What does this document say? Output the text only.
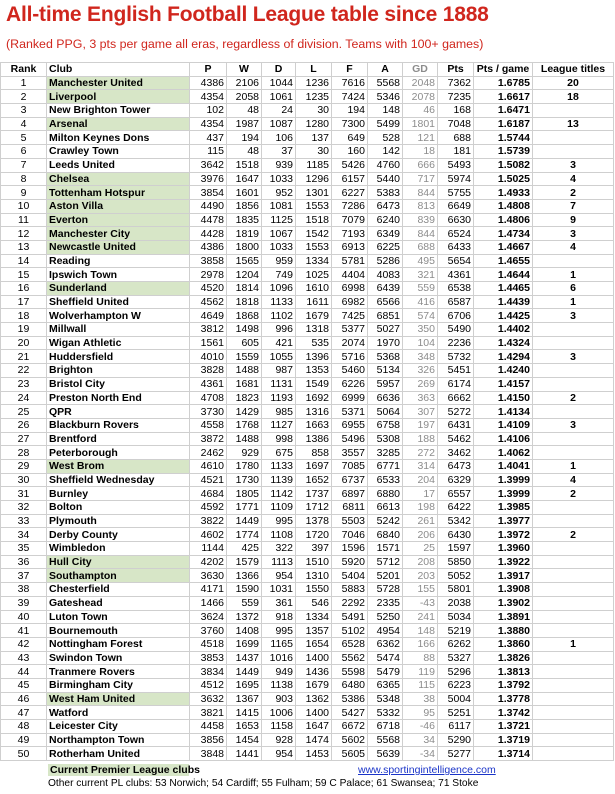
All-time English Football League table since 1888
(Ranked PPG, 3 pts per game all eras, regardless of division. Teams with 100+ games)
Rank	Club	P	W	D	L	F	A	GD	Pts	Pts / game	League titles
1	Manchester United	4386	2106	1044	1236	7616	5568	2048	7362	1.6785	20
2	Liverpool	4354	2058	1061	1235	7424	5346	2078	7235	1.6617	18
3	New Brighton Tower	102	48	24	30	194	148	46	168	1.6471	
4	Arsenal	4354	1987	1087	1280	7300	5499	1801	7048	1.6187	13
5	Milton Keynes Dons	437	194	106	137	649	528	121	688	1.5744	
6	Crawley Town	115	48	37	30	160	142	18	181	1.5739	
7	Leeds United	3642	1518	939	1185	5426	4760	666	5493	1.5082	3
8	Chelsea	3976	1647	1033	1296	6157	5440	717	5974	1.5025	4
9	Tottenham Hotspur	3854	1601	952	1301	6227	5383	844	5755	1.4933	2
10	Aston Villa	4490	1856	1081	1553	7286	6473	813	6649	1.4808	7
11	Everton	4478	1835	1125	1518	7079	6240	839	6630	1.4806	9
12	Manchester City	4428	1819	1067	1542	7193	6349	844	6524	1.4734	3
13	Newcastle United	4386	1800	1033	1553	6913	6225	688	6433	1.4667	4
14	Reading	3858	1565	959	1334	5781	5286	495	5654	1.4655	
15	Ipswich Town	2978	1204	749	1025	4404	4083	321	4361	1.4644	1
16	Sunderland	4520	1814	1096	1610	6998	6439	559	6538	1.4465	6
17	Sheffield United	4562	1818	1133	1611	6982	6566	416	6587	1.4439	1
18	Wolverhampton W	4649	1868	1102	1679	7425	6851	574	6706	1.4425	3
19	Millwall	3812	1498	996	1318	5377	5027	350	5490	1.4402	
20	Wigan Athletic	1561	605	421	535	2074	1970	104	2236	1.4324	
21	Huddersfield	4010	1559	1055	1396	5716	5368	348	5732	1.4294	3
22	Brighton	3828	1488	987	1353	5460	5134	326	5451	1.4240	
23	Bristol City	4361	1681	1131	1549	6226	5957	269	6174	1.4157	
24	Preston North End	4708	1823	1193	1692	6999	6636	363	6662	1.4150	2
25	QPR	3730	1429	985	1316	5371	5064	307	5272	1.4134	
26	Blackburn Rovers	4558	1768	1127	1663	6955	6758	197	6431	1.4109	3
27	Brentford	3872	1488	998	1386	5496	5308	188	5462	1.4106	
28	Peterborough	2462	929	675	858	3557	3285	272	3462	1.4062	
29	West Brom	4610	1780	1133	1697	7085	6771	314	6473	1.4041	1
30	Sheffield Wednesday	4521	1730	1139	1652	6737	6533	204	6329	1.3999	4
31	Burnley	4684	1805	1142	1737	6897	6880	17	6557	1.3999	2
32	Bolton	4592	1771	1109	1712	6811	6613	198	6422	1.3985	
33	Plymouth	3822	1449	995	1378	5503	5242	261	5342	1.3977	
34	Derby County	4602	1774	1108	1720	7046	6840	206	6430	1.3972	2
35	Wimbledon	1144	425	322	397	1596	1571	25	1597	1.3960	
36	Hull City	4202	1579	1113	1510	5920	5712	208	5850	1.3922	
37	Southampton	3630	1366	954	1310	5404	5201	203	5052	1.3917	
38	Chesterfield	4171	1590	1031	1550	5883	5728	155	5801	1.3908	
39	Gateshead	1466	559	361	546	2292	2335	-43	2038	1.3902	
40	Luton Town	3624	1372	918	1334	5491	5250	241	5034	1.3891	
41	Bournemouth	3760	1408	995	1357	5102	4954	148	5219	1.3880	
42	Nottingham Forest	4518	1699	1165	1654	6528	6362	166	6262	1.3860	1
43	Swindon Town	3853	1437	1016	1400	5562	5474	88	5327	1.3826	
44	Tranmere Rovers	3834	1449	949	1436	5598	5479	119	5296	1.3813	
45	Birmingham City	4512	1695	1138	1679	6480	6365	115	6223	1.3792	
46	West Ham United	3632	1367	903	1362	5386	5348	38	5004	1.3778	
47	Watford	3821	1415	1006	1400	5427	5332	95	5251	1.3742	
48	Leicester City	4458	1653	1158	1647	6672	6718	-46	6117	1.3721	
49	Northampton Town	3856	1454	928	1474	5602	5568	34	5290	1.3719	
50	Rotherham United	3848	1441	954	1453	5605	5639	-34	5277	1.3714	
Current Premier League clubs	www.sportingintelligence.com
Other current PL clubs: 53 Norwich; 54 Cardiff; 55 Fulham; 59 C Palace; 61 Swansea; 71 Stoke
